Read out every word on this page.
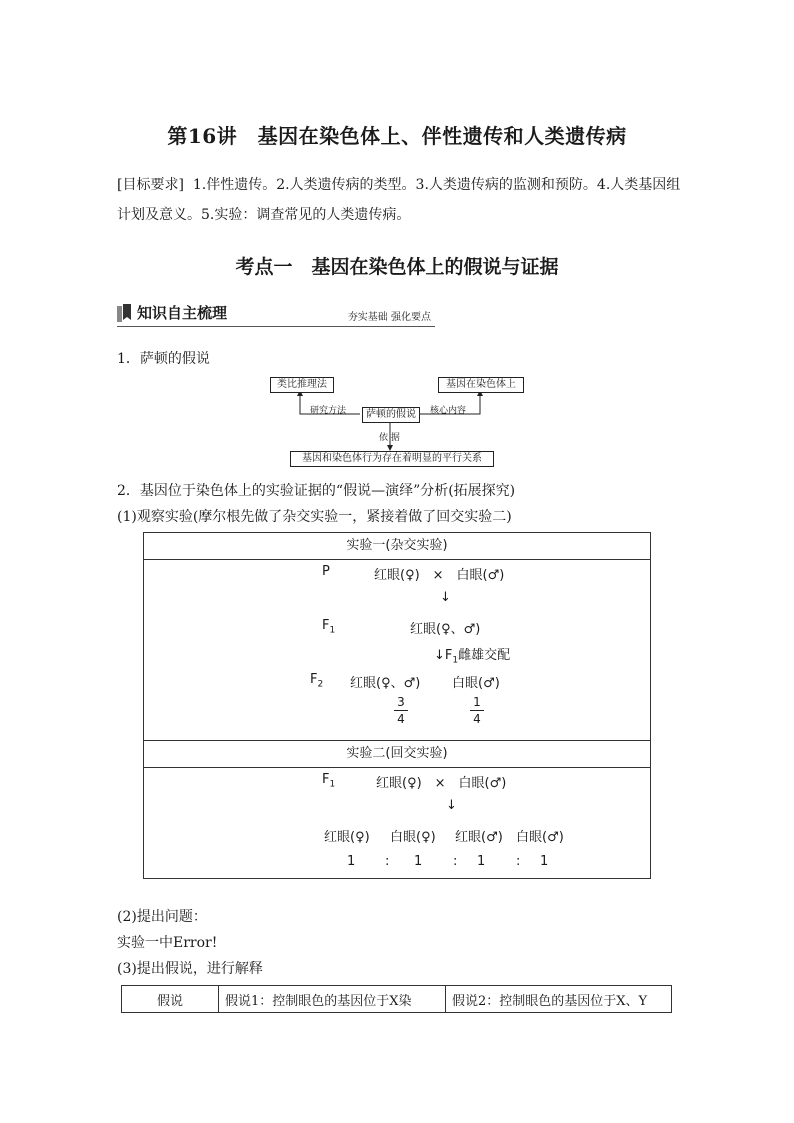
第16讲　基因在染色体上、伴性遗传和人类遗传病
[目标要求] 1.伴性遗传。2.人类遗传病的类型。3.人类遗传病的监测和预防。4.人类基因组
计划及意义。5.实验：调查常见的人类遗传病。
考点一　基因在染色体上的假说与证据
知识自主梳理	夯实基础 强化要点
1．萨顿的假说
类比推理法	基因在染色体上
萨顿的假说
基因和染色体行为存在着明显的平行关系
研究方法	核心内容
依 据
2．基因位于染色体上的实验证据的“假说—演绎”分析(拓展探究)
(1)观察实验(摩尔根先做了杂交实验一，紧接着做了回交实验二)
实验一(杂交实验)

P	红眼(♀)　×　白眼(♂)
↓
$F_1$	红眼(♀、♂)
$↓F_1$雌雄交配
$F_2$ 红眼(♀、♂) 白眼(♂)
$\frac{3}{4}$	$\frac{1}{4}$

实验二(回交实验)

$F_1$	红眼(♀)　×　白眼(♂)
↓
红眼(♀) 白眼(♀) 红眼(♂) 白眼(♂)
1 : 1 : 1 : 1
(2)提出问题：
实验一中Error!
(3)提出假说，进行解释
假说	假说1：控制眼色的基因位于X染	假说2：控制眼色的基因位于X、Y
